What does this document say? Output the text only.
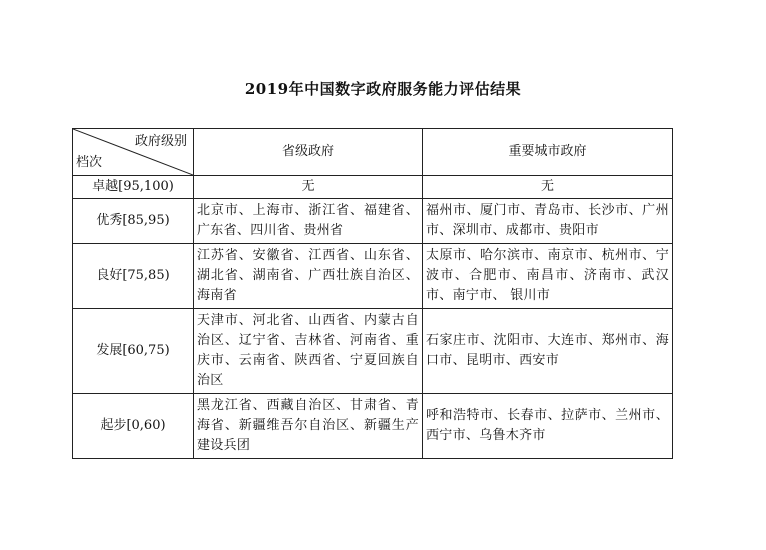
2019年中国数字政府服务能力评估结果
政府级别
档次	省级政府	重要城市政府
卓越[95,100)	无	无
优秀[85,95)	北京市、上海市、浙江省、福建省、广东省、四川省、贵州省	福州市、厦门市、青岛市、长沙市、广州市、深圳市、成都市、贵阳市
良好[75,85)	江苏省、安徽省、江西省、山东省、湖北省、湖南省、广西壮族自治区、海南省	太原市、哈尔滨市、南京市、杭州市、宁波市、合肥市、南昌市、济南市、武汉市、南宁市、 银川市
发展[60,75)	天津市、河北省、山西省、内蒙古自治区、辽宁省、吉林省、河南省、重庆市、云南省、陕西省、宁夏回族自治区	石家庄市、沈阳市、大连市、郑州市、海口市、昆明市、西安市
起步[0,60)	黑龙江省、西藏自治区、甘肃省、青海省、新疆维吾尔自治区、新疆生产建设兵团	呼和浩特市、长春市、拉萨市、兰州市、西宁市、乌鲁木齐市
